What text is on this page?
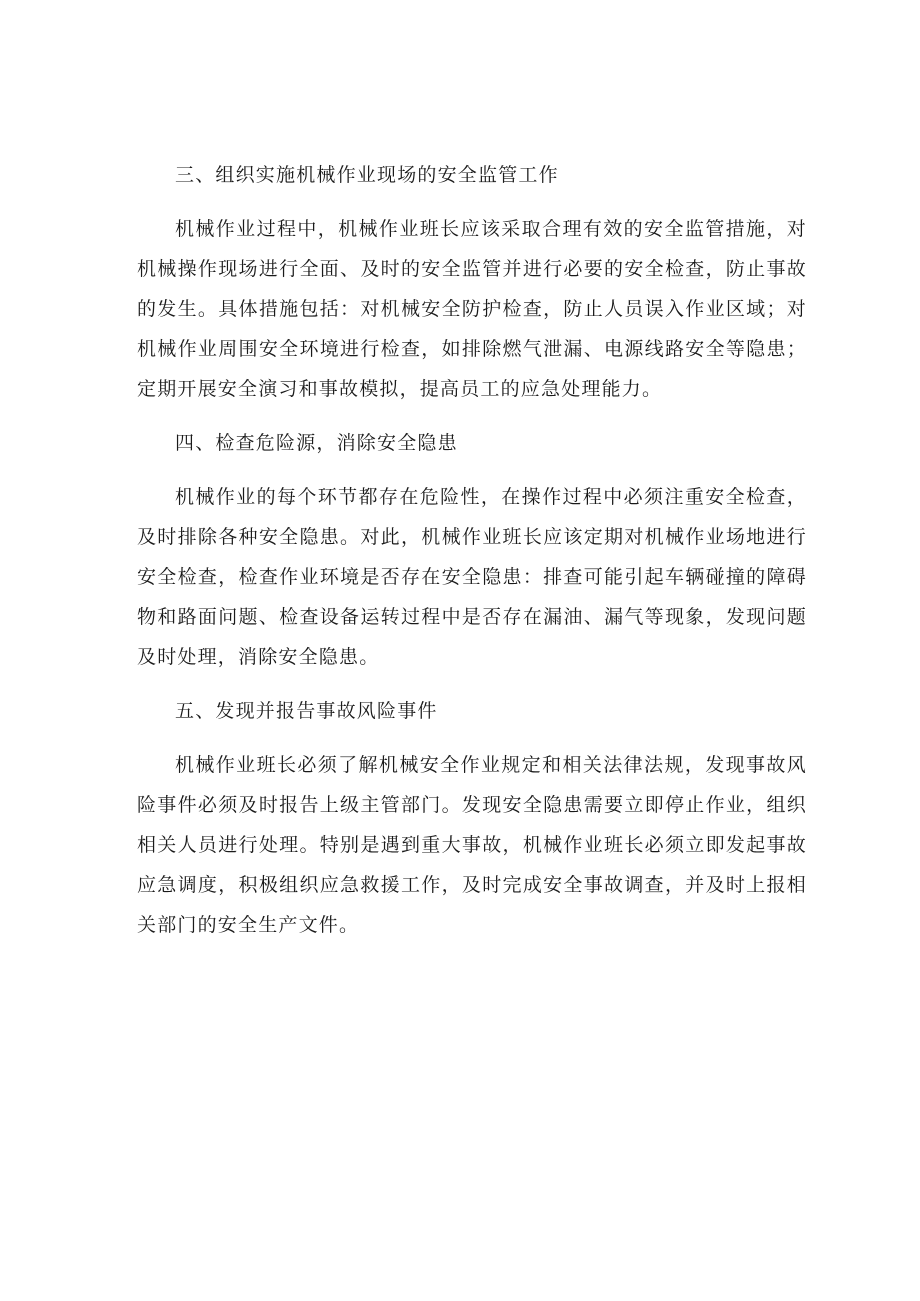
三、组织实施机械作业现场的安全监管工作
机械作业过程中，机械作业班长应该采取合理有效的安全监管措施，对机械操作现场进行全面、及时的安全监管并进行必要的安全检查，防止事故的发生。具体措施包括：对机械安全防护检查，防止人员误入作业区域；对机械作业周围安全环境进行检查，如排除燃气泄漏、电源线路安全等隐患；定期开展安全演习和事故模拟，提高员工的应急处理能力。
四、检查危险源，消除安全隐患
机械作业的每个环节都存在危险性，在操作过程中必须注重安全检查，及时排除各种安全隐患。对此，机械作业班长应该定期对机械作业场地进行安全检查，检查作业环境是否存在安全隐患：排查可能引起车辆碰撞的障碍物和路面问题、检查设备运转过程中是否存在漏油、漏气等现象，发现问题及时处理，消除安全隐患。
五、发现并报告事故风险事件
机械作业班长必须了解机械安全作业规定和相关法律法规，发现事故风险事件必须及时报告上级主管部门。发现安全隐患需要立即停止作业，组织相关人员进行处理。特别是遇到重大事故，机械作业班长必须立即发起事故应急调度，积极组织应急救援工作，及时完成安全事故调查，并及时上报相关部门的安全生产文件。
